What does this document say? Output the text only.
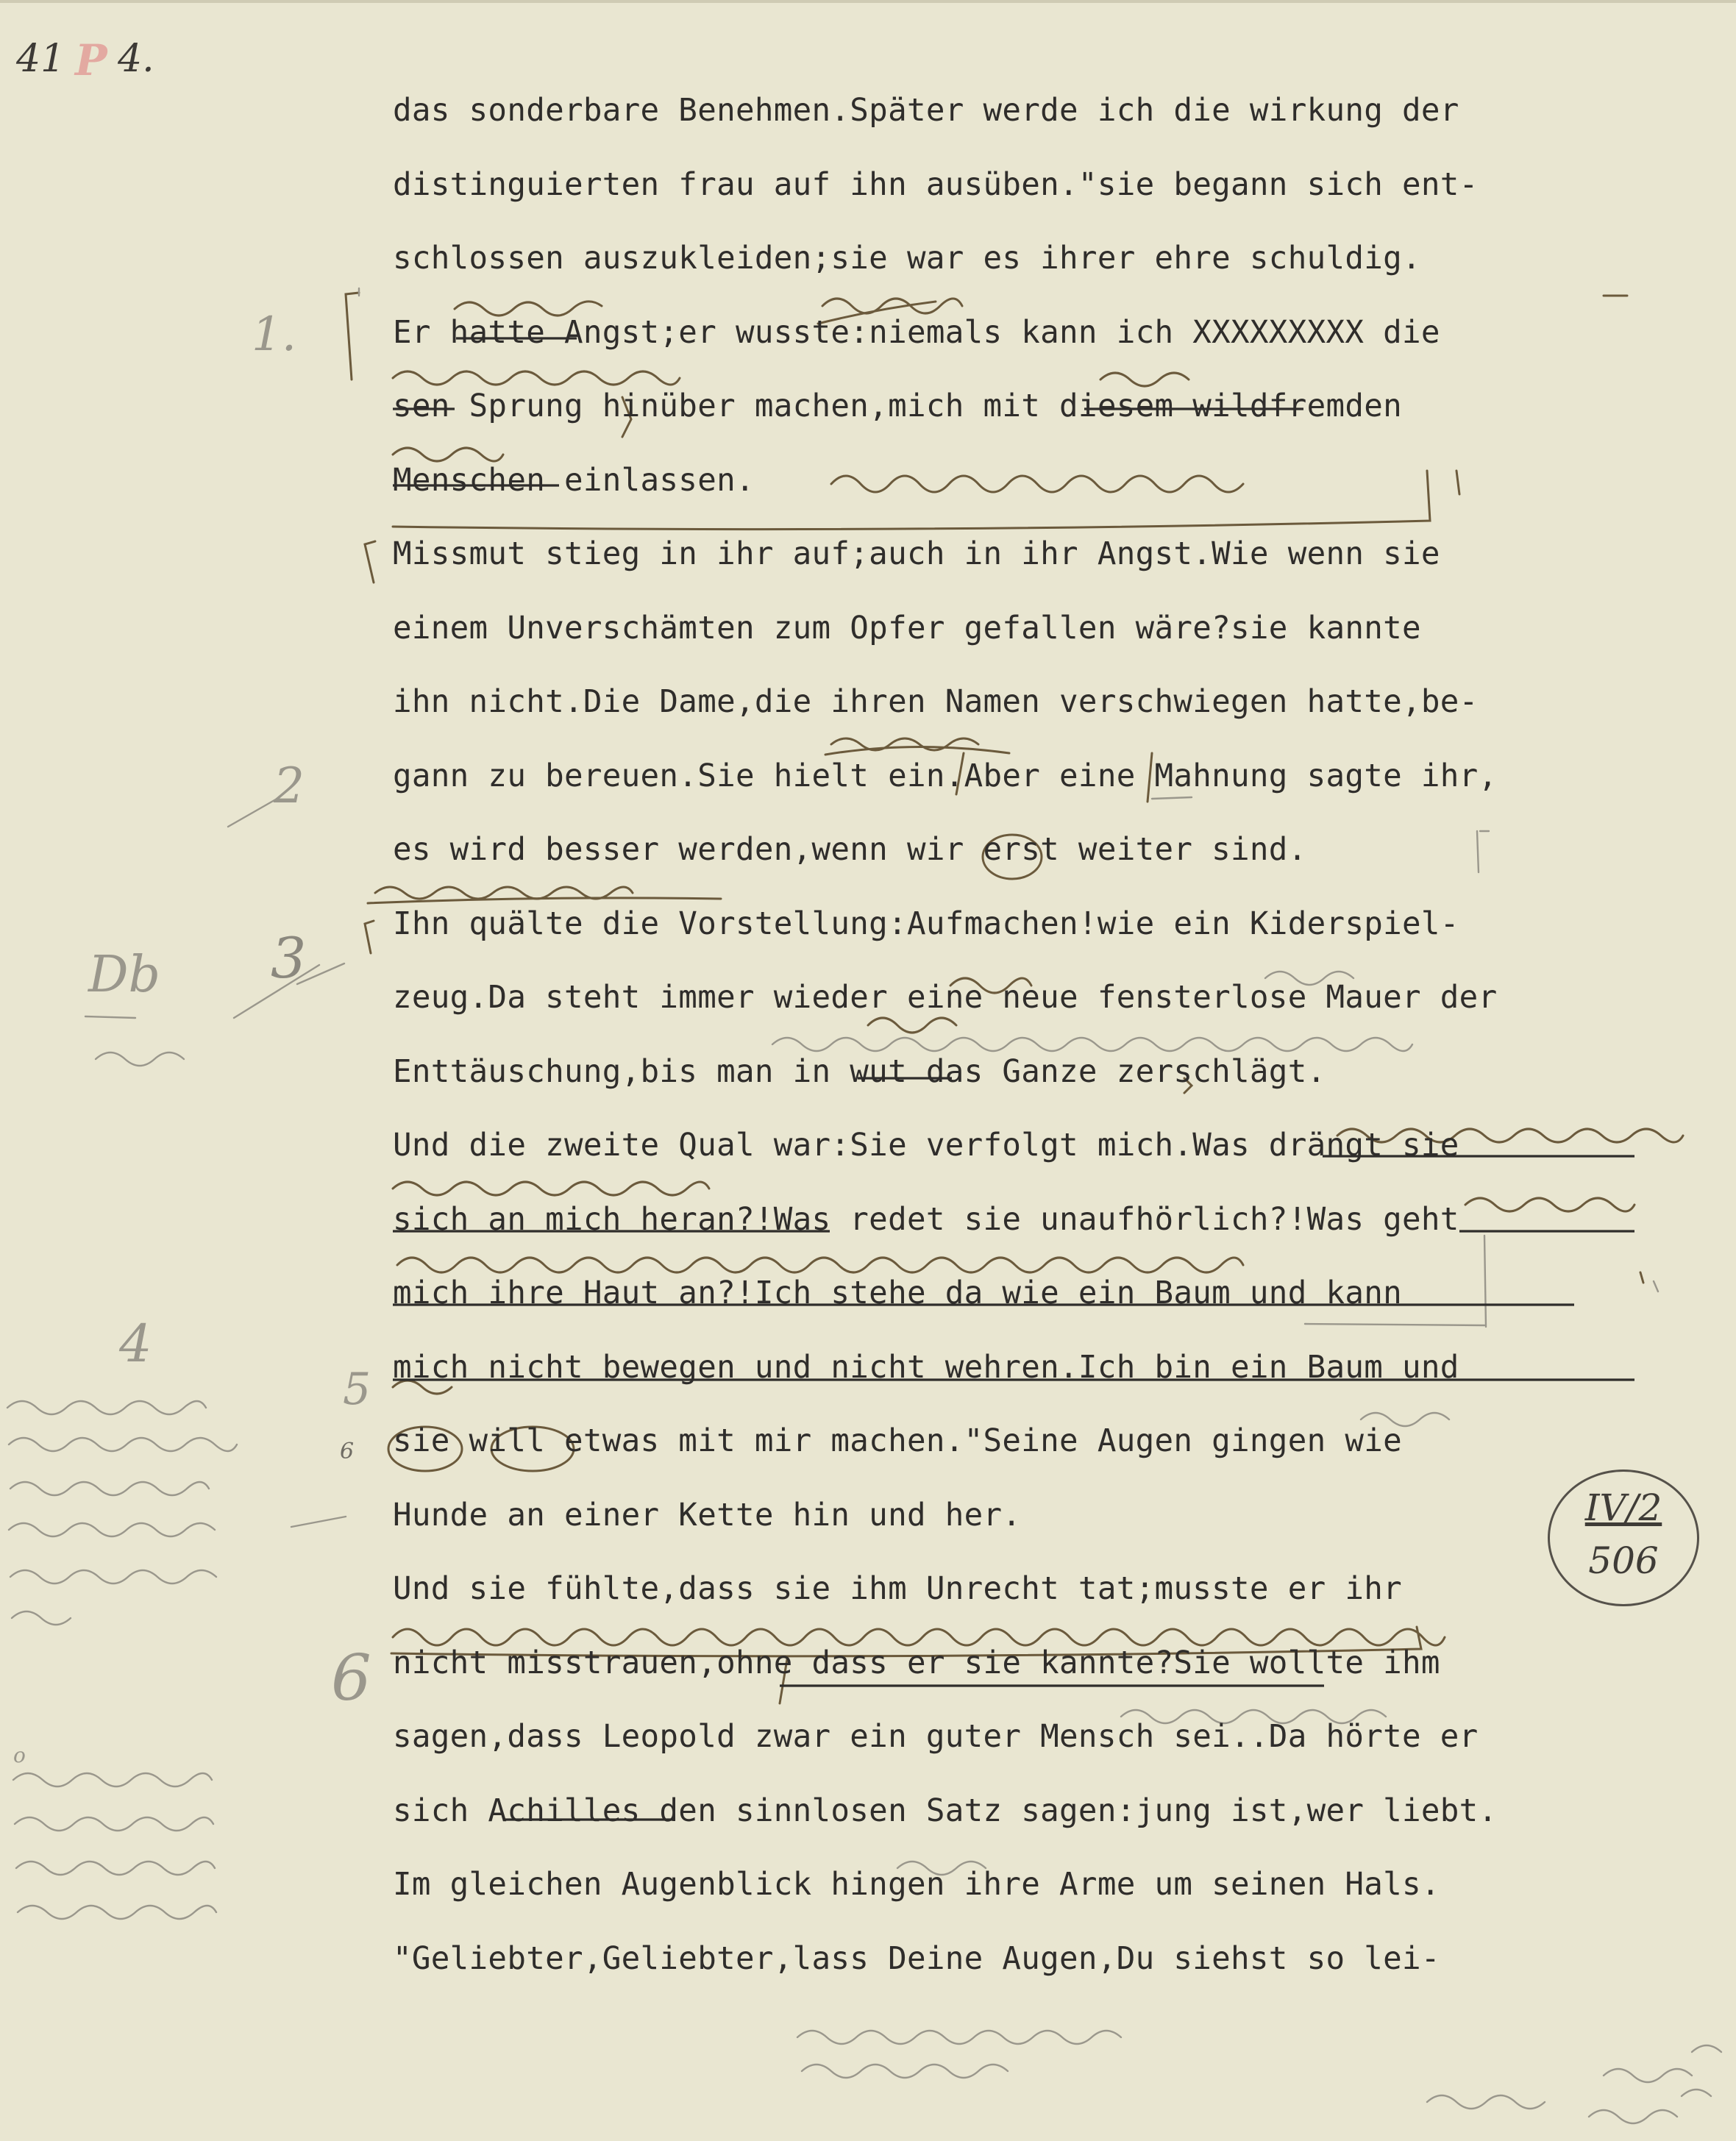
41 P 4.
das sonderbare Benehmen.Später werde ich die wirkung der
distinguierten frau auf ihn ausüben."sie begann sich ent-
schlossen auszukleiden;sie war es ihrer ehre schuldig.
Er hatte Angst;er wusste:niemals kann ich XXXXXXXXX die
sen Sprung hinüber machen,mich mit diesem wildfremden
Menschen einlassen.
Missmut stieg in ihr auf;auch in ihr Angst.Wie wenn sie
einem Unverschämten zum Opfer gefallen wäre?sie kannte
ihn nicht.Die Dame,die ihren Namen verschwiegen hatte,be-
gann zu bereuen.Sie hielt ein.Aber eine Mahnung sagte ihr,
es wird besser werden,wenn wir erst weiter sind.
Ihn quälte die Vorstellung:Aufmachen!wie ein Kiderspiel-
zeug.Da steht immer wieder eine neue fensterlose Mauer der
Enttäuschung,bis man in wut das Ganze zerschlägt.
Und die zweite Qual war:Sie verfolgt mich.Was drängt sie
sich an mich heran?!Was redet sie unaufhörlich?!Was geht
mich ihre Haut an?!Ich stehe da wie ein Baum und kann
mich nicht bewegen und nicht wehren.Ich bin ein Baum und
sie will etwas mit mir machen."Seine Augen gingen wie
Hunde an einer Kette hin und her.
Und sie fühlte,dass sie ihm Unrecht tat;musste er ihr
nicht misstrauen,ohne dass er sie kannte?Sie wollte ihm
sagen,dass Leopold zwar ein guter Mensch sei..Da hörte er
sich Achilles den sinnlosen Satz sagen:jung ist,wer liebt.
Im gleichen Augenblick hingen ihre Arme um seinen Hals.
"Geliebter,Geliebter,lass Deine Augen,Du siehst so lei-
1.
2
3
Db
4
5
6
6
o
IV/2
506
